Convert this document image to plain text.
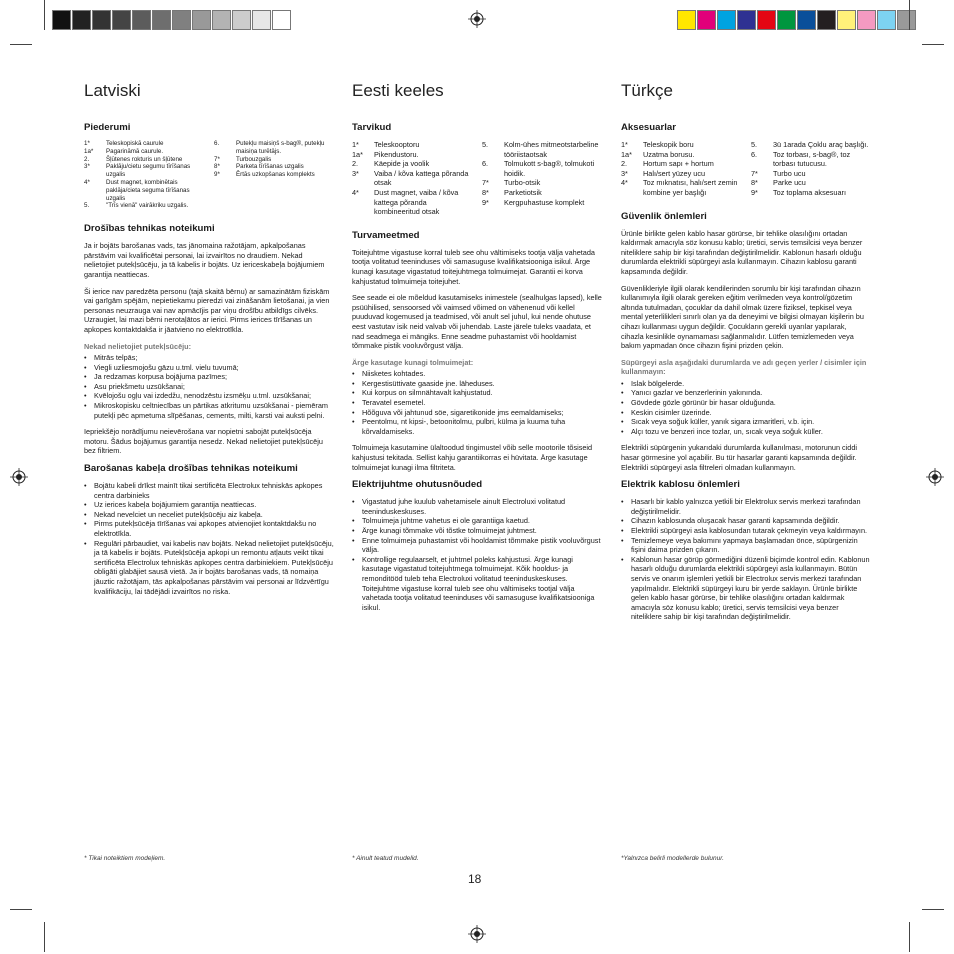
Latviski
Piederumi
1*	Teleskopiskā caurule
1a*	Pagarināmā caurule.
2.	Šļūtenes rokturis un šļūtene
3*	Paklāju/cietu segumu tīrīšanas uzgalis
4*	Dust magnet, kombinētais paklāja/cieta seguma tīrīšanas uzgalis
5.	"Trīs vienā" vairākriku uzgalis.
6.	Putekļu maisiņš s-bag®, putekļu maisiņa turētājs.
7*	Turbouzgalis
8*	Parketa tīrīšanas uzgalis
9*	Ērtās uzkopšanas komplekts
Drošības tehnikas noteikumi

Ja ir bojāts barošanas vads, tas jānomaina ražotājam, apkalpošanas pārstāvim vai kvalificētai personai, lai izvairītos no draudiem. Nekad nelietojiet putekļsūcēju, ja tā kabelis ir bojāts. Uz iericeskabeļa bojājumiem garantija neattiecas.

Ši ierice nav paredzēta personu (tajā skaitā bērnu) ar samazinātām fiziskām vai garīgām spējām, nepietiekamu pieredzi vai zināšanām lietošanai, ja vien personas neuzrauga vai nav apmācījis par viņu drošību atbildīgs cilvēks. Uzraugiet, lai mazi bērni nerotaļātos ar ierici. Pirms ierices tīrīšanas un apkopes kontaktdakša ir jāatvieno no elektrotīkla.

Nekad nelietojiet putekļsūcēju:
• Mitrās telpās;
• Viegli uzliesmojošu gāzu u.tml. vielu tuvumā;
• Ja redzamas korpusa bojājuma pazīmes;
• Asu priekšmetu uzsūkšanai;
• Kvēlojošu ogļu vai izdedžu, nenodzēstu izsmēķu u.tml. uzsūkšanai;
• Mikroskopisku celtniecības un pārtikas atkritumu uzsūkšanai - piemēram putekļi pēc apmetuma slīpēšanas, cements, milti, karsti vai auksti pelni.

Iepriekšējo norādījumu neievērošana var nopietni sabojāt putekļsūcēja motoru. Šādus bojājumus garantija nesedz. Nekad nelietojiet putekļsūcēju bez filtriem.

Barošanas kabeļa drošības tehnikas noteikumi
• Bojātu kabeli drīkst mainīt tikai sertificēta Electrolux tehniskās apkopes centra darbinieks
• Uz ierices kabeļa bojājumiem garantija neattiecas.
• Nekad nevelciet un neceliet putekļsūcēju aiz kabeļa.
• Pirms putekļsūcēja tīrīšanas vai apkopes atvienojiet kontaktdakšu no elektrotīkla.
• Regulāri pārbaudiet, vai kabelis nav bojāts. Nekad nelietojiet putekļsūcēju, ja tā kabelis ir bojāts. Putekļsūcēja apkopi un remontu atļauts veikt tikai sertificēta Electrolux tehniskās apkopes centra darbiniekiem. Putekļsūcēju obligāti glabājiet sausā vietā. Ja ir bojāts barošanas vads, tā nomaiņa jāuztic ražotājam, tās apkalpošanas pārstāvim vai personai ar līdzvērtīgu kvalifikāciju, lai tādējādi izvairītos no riska.
Eesti keeles
Tarvikud
1*	Teleskooptoru
1a*	Pikendustoru.
2.	Käepide ja voolik
3*	Vaiba / kõva kattega põranda otsak
4*	Dust magnet, vaiba / kõva kattega põranda kombineeritud otsak
5.	Kolm-ühes mitmeotstarbeline tööriistaotsak
6.	Tolmukott s-bag®, tolmukoti hoidik.
7*	Turbo-otsik
8*	Parketiotsik
9*	Kergpuhastuse komplekt
Turvameetmed

Toitejuhtme vigastuse korral tuleb see ohu vältimiseks tootja välja vahetada tootja volitatud teeninduses või samasuguse kvalifikatsiooniga isikul. Ärge kunagi kasutage vigastatud toitejuhtmega tolmuimejat. Garantii ei korva kahjustatud tolmuimeja toitejuhet.

See seade ei ole mõeldud kasutamiseks inimestele (sealhulgas lapsed), kelle psüühilised, sensoorsed või vaimsed võimed on vähenenud või kellel puuduvad kogemused ja teadmised, või anult sel juhul, kui nende ohutuse eest vastutav isik neid valvab või juhendab. Laste järele tuleks vaadata, et nad seadmega ei mängiks. Enne seadme puhastamist või hooldamist tõmmake pistik vooluvõrgust välja.

Ärge kasutage kunagi tolmuimejat:
• Niisketes kohtades.
• Kergestisüttivate gaaside jne. läheduses.
• Kui korpus on silmnähtavalt kahjustatud.
• Teravatel esemetel.
• Hõõguva või jahtunud söe, sigaretikonide jms eemaldamiseks;
• Peentolmu, nt kipsi-, betoonitolmu, pulbri, külma ja kuuma tuha kõrvaldamiseks.

Tolmuimeja kasutamine ülaltoodud tingimustel võib selle mootorile tõsiseid kahjustusi tekitada. Sellist kahju garantiikorras ei hüvitata. Ärge kasutage tolmuimejat kunagi ilma filtriteta.

Elektrijuhtme ohutusnõuded
• Vigastatud juhe kuulub vahetamisele ainult Electroluxi volitatud teeninduskeskuses.
• Tolmuimeja juhtme vahetus ei ole garantiiga kaetud.
• Ärge kunagi tõmmake või tõstke tolmuimejat juhtmest.
• Enne tolmuimeja puhastamist või hooldamist tõmmake pistik vooluvõrgust välja.
• Kontrollige regulaarselt, et juhtmel poleks kahjustusi. Ärge kunagi kasutage vigastatud toitejuhtmega tolmuimejat. Kõik hooldus- ja remonditööd tuleb teha Electroluxi volitatud teeninduskeskuses. Toitejuhtme vigastuse korral tuleb see ohu vältimiseks tootjal välja vahetada tootja volitatud teeninduses või samasuguse kvalifikatsiooniga isikul.
Türkçe
Aksesuarlar
1*	Teleskopik boru
1a*	Uzatma borusu.
2.	Hortum sapı + hortum
3*	Halı/sert yüzey ucu
4*	Toz mıknatısı, halı/sert zemin kombine yer başlığı
5.	3ü 1arada Çoklu araç başlığı.
6.	Toz torbası, s-bag®, toz torbası tutucusu.
7*	Turbo ucu
8*	Parke ucu
9*	Toz toplama aksesuarı
Güvenlik önlemleri

Ürünle birlikte gelen kablo hasar görürse, bir tehlike olasılığını ortadan kaldırmak amacıyla söz konusu kablo; üretici, servis temsilcisi veya benzer niteliklere sahip bir kişi tarafından değiştirilmelidir. Kablonun hasarlı olduğu durumlarda elektrikli süpürgeyi asla kullanmayın. Cihazın kablosu garanti kapsamında değildir.

Güvenlikleriyle ilgili olarak kendilerinden sorumlu bir kişi tarafından cihazın kullanımıyla ilgili olarak gereken eğitim verilmeden veya kontrol/gözetim altında tutulmadan, çocuklar da dahil olmak üzere fiziksel, tepkisel veya mental yeterlilikleri sınırlı olan ya da deneyimi ve bilgisi olmayan kişilerin bu cihazı kullanması uygun değildir. Çocukların gerekli uyarılar yapılarak, cihazla kesinlikle oynamaması sağlanmalıdır. Lütfen temizlemeden veya bakım yapmadan önce cihazın fişini prizden çekin.

Süpürgeyi asla aşağıdaki durumlarda ve adı geçen yerler / cisimler için kullanmayın:
• Islak bölgelerde.
• Yanıcı gazlar ve benzerlerinin yakınında.
• Gövdede gözle görünür bir hasar olduğunda.
• Keskin cisimler üzerinde.
• Sıcak veya soğuk küller, yanık sigara izmaritleri, v.b. için.
• Alçı tozu ve benzeri ince tozlar, un, sıcak veya soğuk küller.

Elektrikli süpürgenin yukarıdaki durumlarda kullanılması, motorunun ciddi hasar görmesine yol açabilir. Bu tür hasarlar garanti kapsamında değildir. Elektrikli süpürgeyi asla filtreleri olmadan kullanmayın.

Elektrik kablosu önlemleri
• Hasarlı bir kablo yalnızca yetkili bir Elektrolux servis merkezi tarafından değiştirilmelidir.
• Cihazın kablosunda oluşacak hasar garanti kapsamında değildir.
• Elektrikli süpürgeyi asla kablosundan tutarak çekmeyin veya kaldırmayın.
• Temizlemeye veya bakımını yapmaya başlamadan önce, süpürgenizin fişini daima prizden çıkarın.
• Kablonun hasar görüp görmediğini düzenli biçimde kontrol edin. Kablonun hasarlı olduğu durumlarda elektrikli süpürgeyi asla kullanmayın. Bütün servis ve onarım işlemleri yetkili bir Electrolux servis merkezi tarafından yapılmalıdır. Elektrikli süpürgeyi kuru bir yerde saklayın. Ürünle birlikte gelen kablo hasar görürse, bir tehlike olasılığını ortadan kaldırmak amacıyla söz konusu kablo; üretici, servis temsilcisi veya benzer niteliklere sahip bir kişi tarafından değiştirilmelidir.
* Tikai noteiktiem modeļiem.	* Ainult teatud mudelid.	*Yalnızca belirli modellerde bulunur.
18
